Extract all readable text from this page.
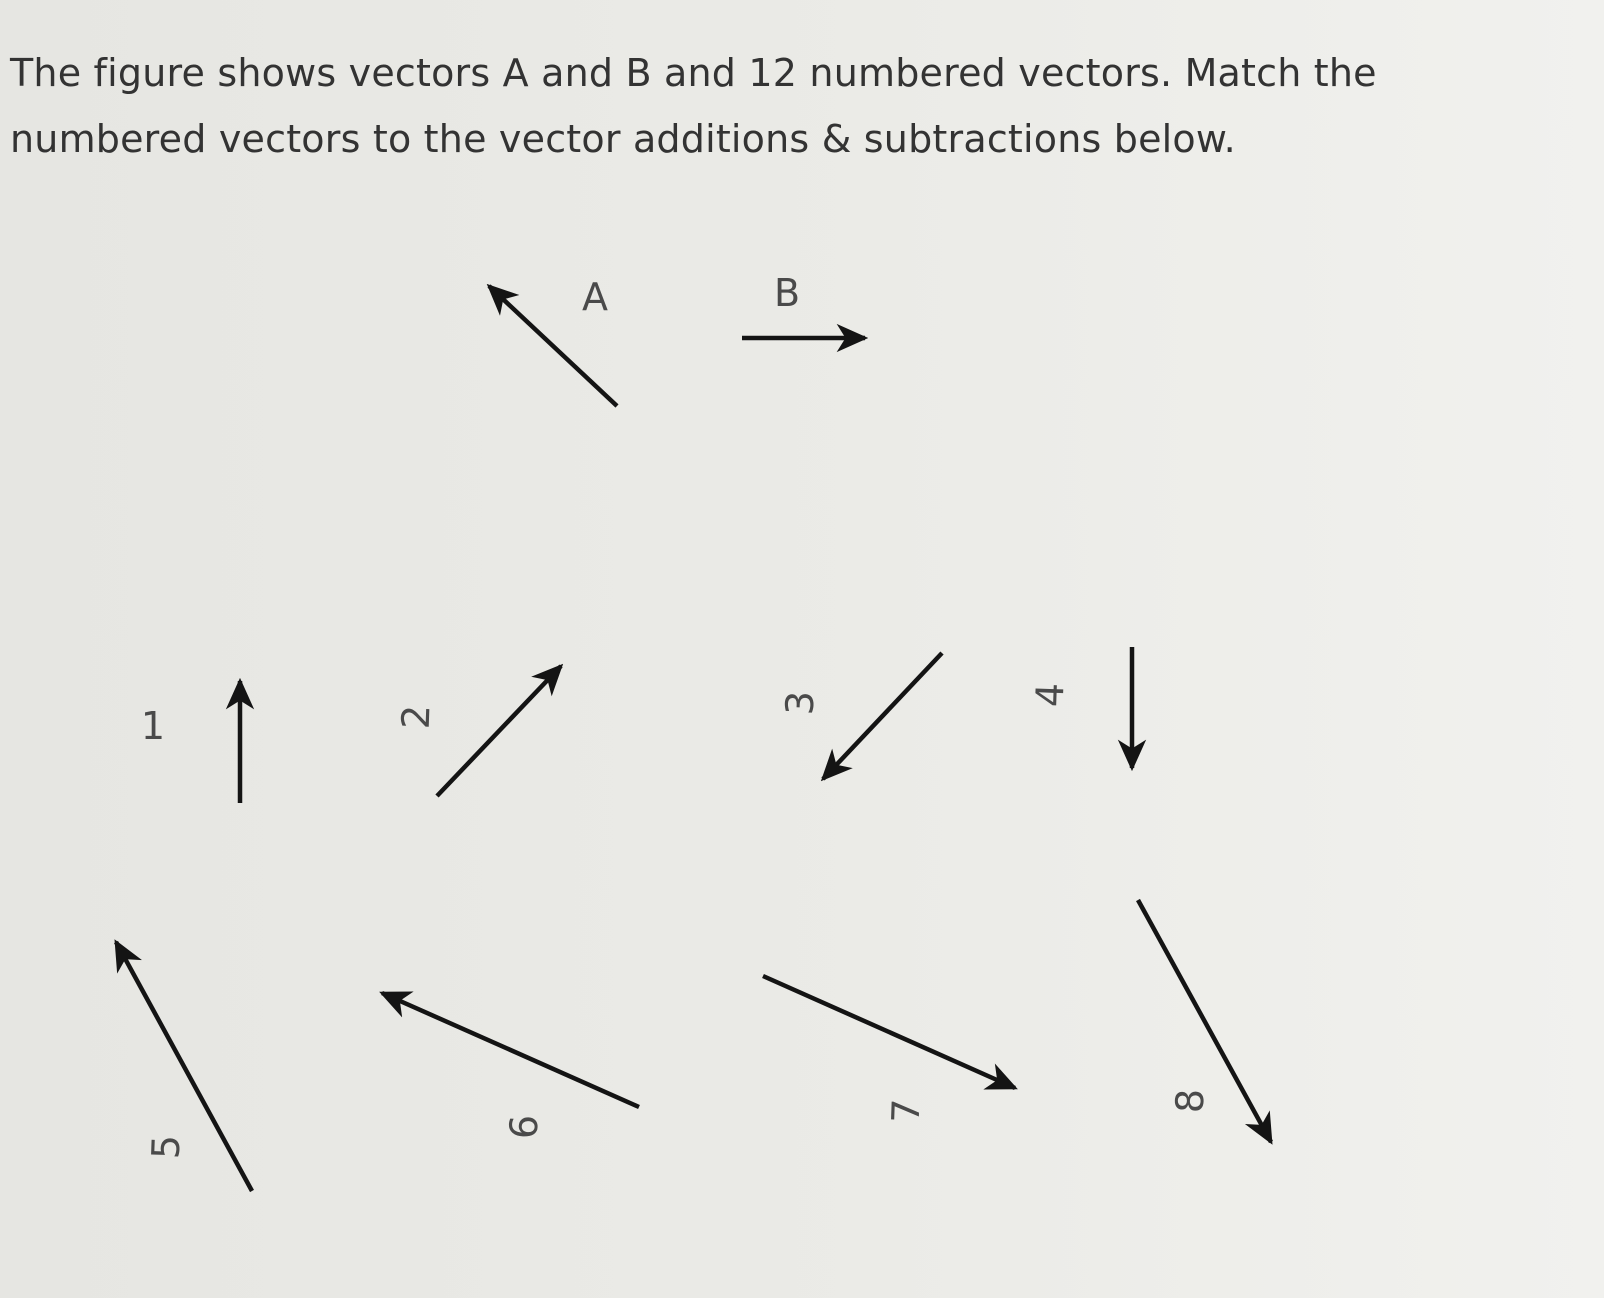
The figure shows vectors A and B and 12 numbered vectors. Match the numbered vectors to the vector additions & subtractions below.

A	B
1	2
3	4
5
6
7	8
